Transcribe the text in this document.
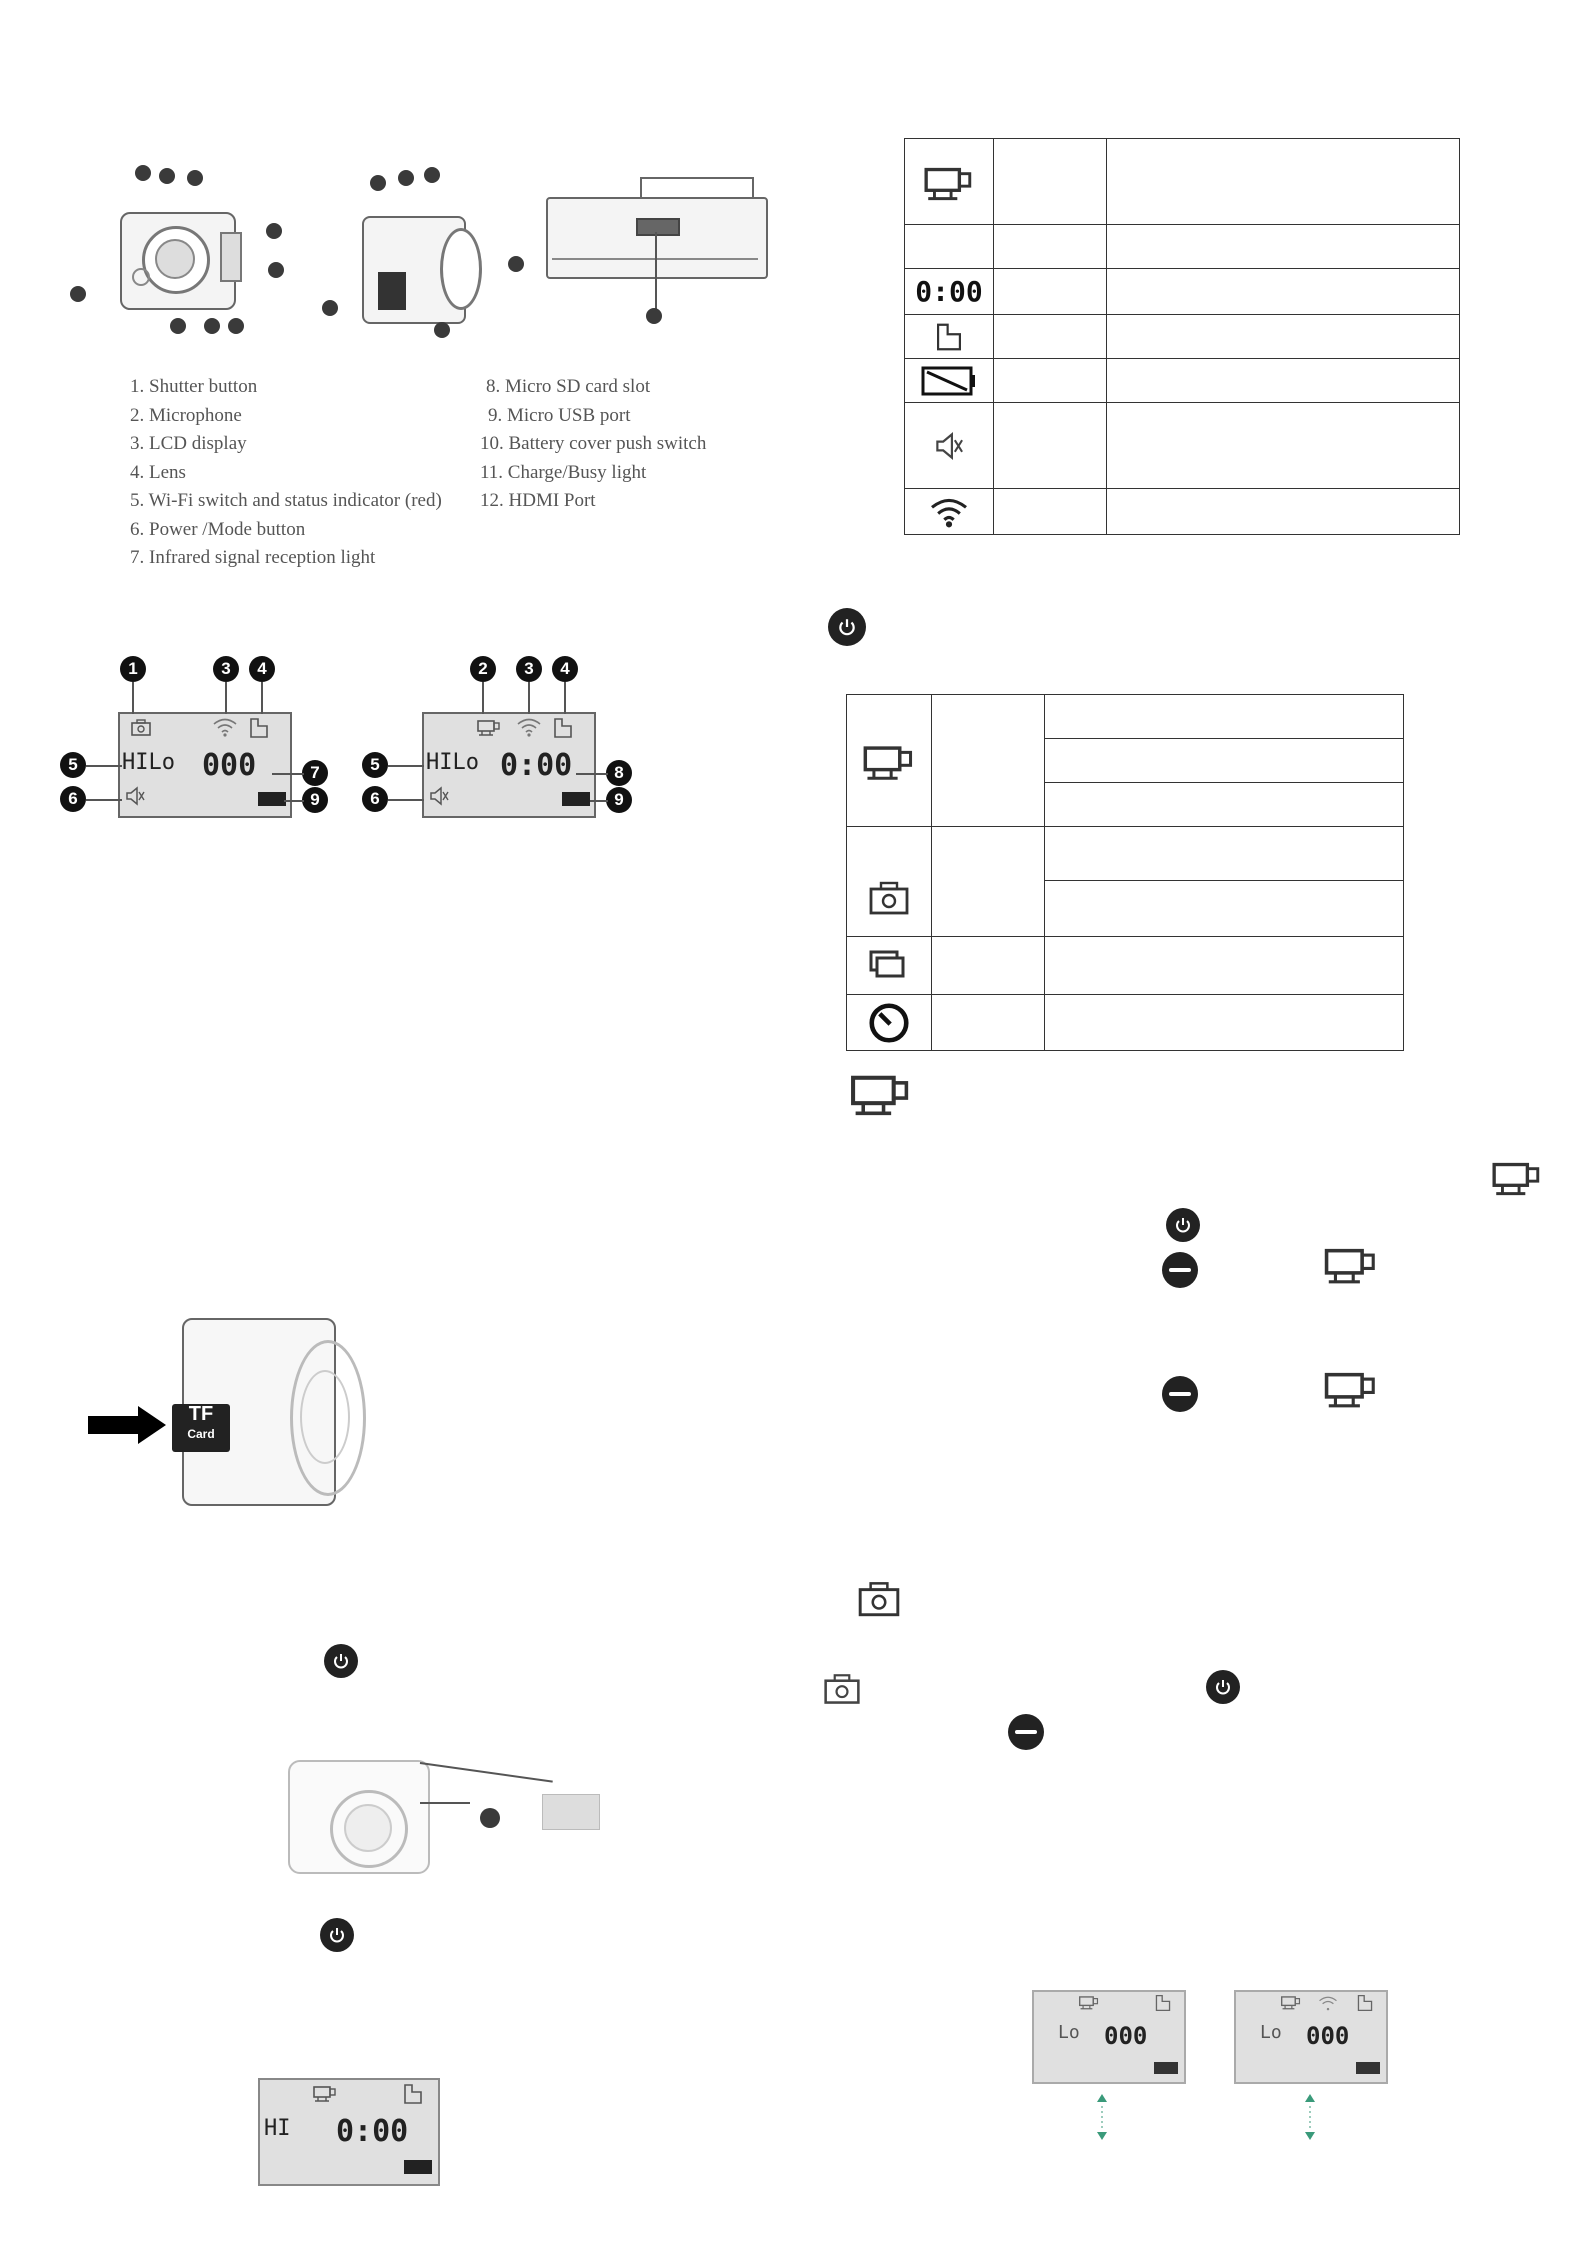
1. Shutter button
2. Microphone
3. LCD display
4. Lens
5. Wi-Fi switch and status indicator (red)
6. Power /Mode button
7. Infrared signal reception light
8. Micro SD card slot
9. Micro USB port
10. Battery cover push switch
11. Charge/Busy light
12. HDMI Port
HILo 000
1	3	4
5
6
7
9
HILo 0:00
2	3	4
5
6
8
9
TF
Card
HI 0:00

0:00		

Lo 000	Lo 000
